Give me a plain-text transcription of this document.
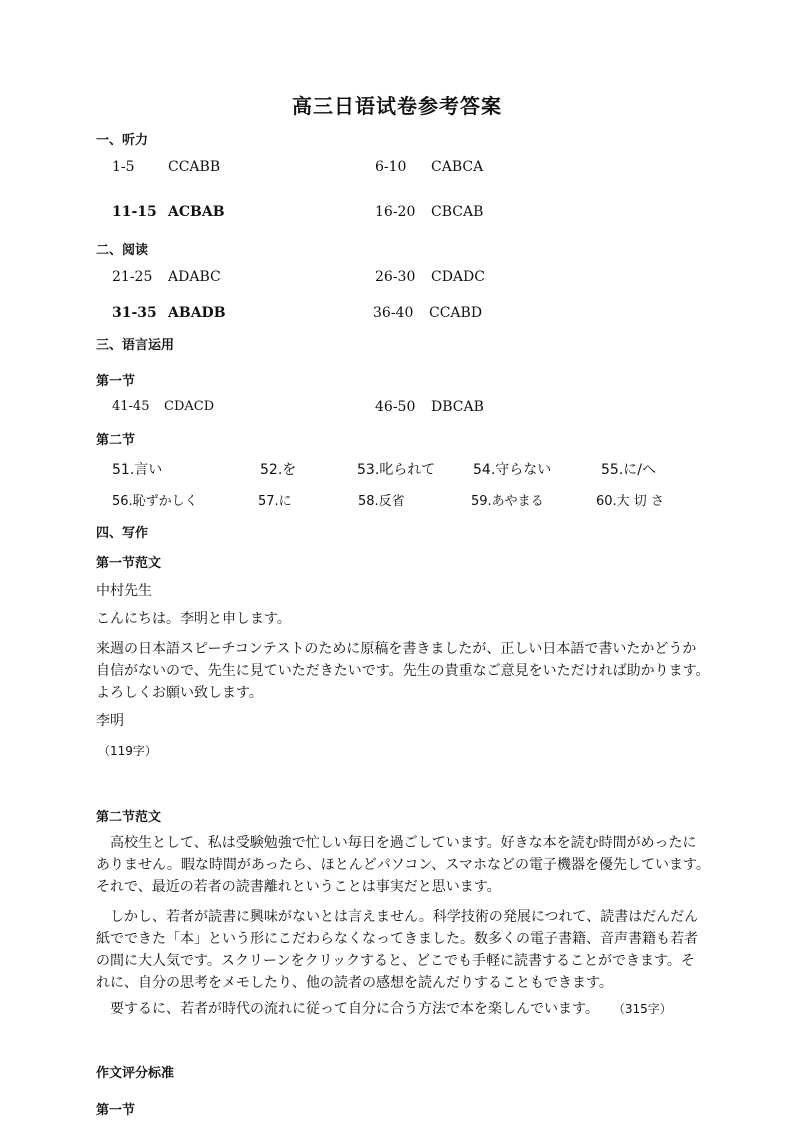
高三日语试卷参考答案
一、听力
1-5 CCABB	6-10 CABCA
11-15 ACBAB	16-20 CBCAB
二、阅读
21-25 ADABC	26-30 CDADC
31-35 ABADB	36-40 CCABD
三、语言运用
第一节
41-45 CDACD	46-50 DBCAB
第二节
51.言い	52.を	53.叱られて	54.守らない	55.に/へ
56.恥ずかしく	57.に	58.反省	59.あやまる	60.大 切 さ
四、写作
第一节范文
中村先生
こんにちは。李明と申します。
来週の日本語スピーチコンテストのために原稿を書きましたが、正しい日本語で書いたかどうか
自信がないので、先生に見ていただきたいです。先生の貴重なご意見をいただければ助かります。
よろしくお願い致します。
李明
（119字）
第二节范文
高校生として、私は受験勉強で忙しい毎日を過ごしています。好きな本を読む時間がめったに
ありません。暇な時間があったら、ほとんどパソコン、スマホなどの電子機器を優先しています。
それで、最近の若者の読書離れということは事実だと思います。
しかし、若者が読書に興味がないとは言えません。科学技術の発展につれて、読書はだんだん
紙でできた「本」という形にこだわらなくなってきました。数多くの電子書籍、音声書籍も若者
の間に大人気です。スクリーンをクリックすると、どこでも手軽に読書することができます。そ
れに、自分の思考をメモしたり、他の読者の感想を読んだりすることもできます。
要するに、若者が時代の流れに従って自分に合う方法で本を楽しんでいます。 （315字）
作文评分标准
第一节
